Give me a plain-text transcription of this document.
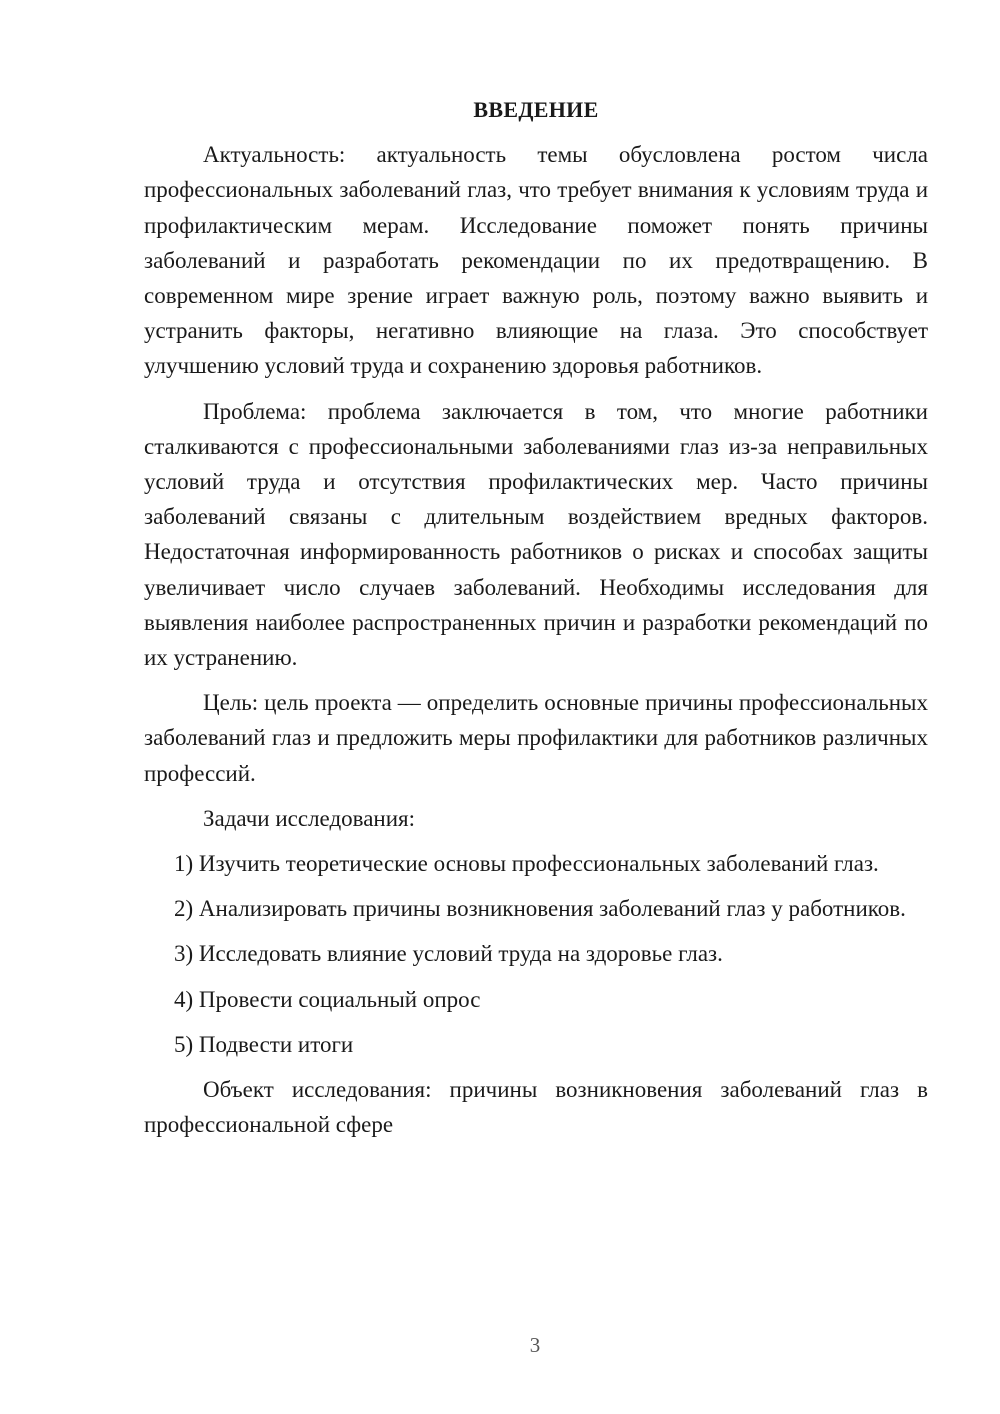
ВВЕДЕНИЕ

Актуальность: актуальность темы обусловлена ростом числа профессиональных заболеваний глаз, что требует внимания к условиям труда и профилактическим мерам. Исследование поможет понять причины заболеваний и разработать рекомендации по их предотвращению. В современном мире зрение играет важную роль, поэтому важно выявить и устранить факторы, негативно влияющие на глаза. Это способствует улучшению условий труда и сохранению здоровья работников.

Проблема: проблема заключается в том, что многие работники сталкиваются с профессиональными заболеваниями глаз из-за неправильных условий труда и отсутствия профилактических мер. Часто причины заболеваний связаны с длительным воздействием вредных факторов. Недостаточная информированность работников о рисках и способах защиты увеличивает число случаев заболеваний. Необходимы исследования для выявления наиболее распространенных причин и разработки рекомендаций по их устранению.

Цель: цель проекта — определить основные причины профессиональных заболеваний глаз и предложить меры профилактики для работников различных профессий.

Задачи исследования:

1) Изучить теоретические основы профессиональных заболеваний глаз.

2) Анализировать причины возникновения заболеваний глаз у работников.

3) Исследовать влияние условий труда на здоровье глаз.

4) Провести социальный опрос

5) Подвести итоги

Объект исследования: причины возникновения заболеваний глаз в профессиональной сфере

3
